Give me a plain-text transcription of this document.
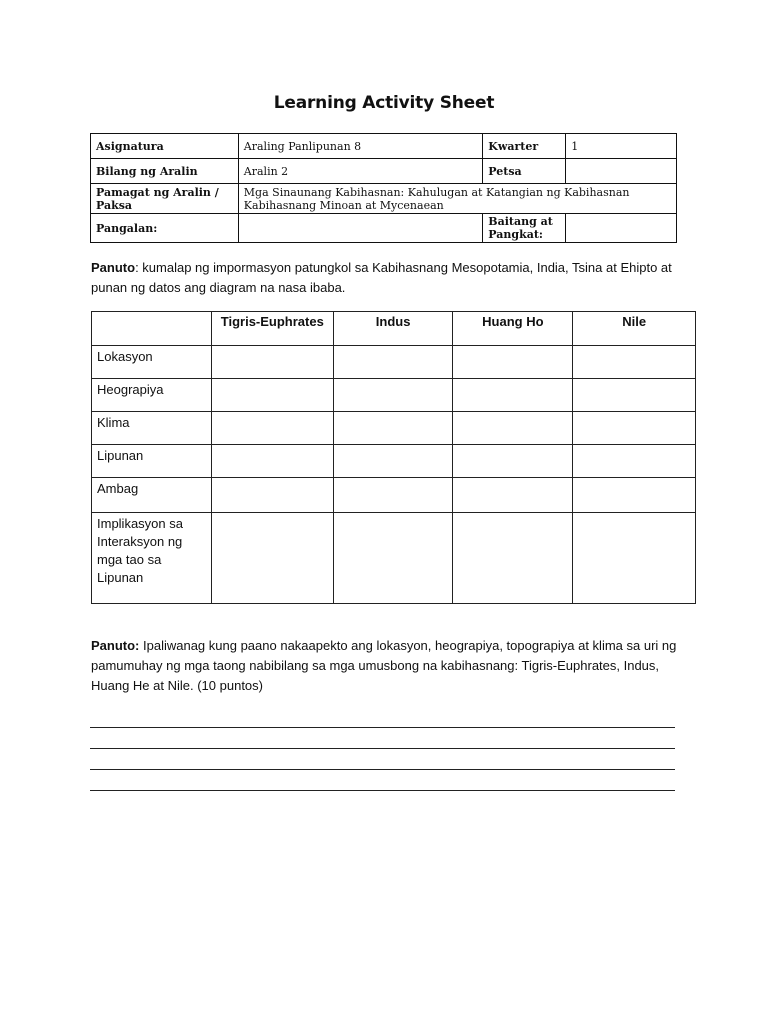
Learning Activity Sheet
Asignatura	Araling Panlipunan 8	Kwarter	1
Bilang ng Aralin	Aralin 2	Petsa	
Pamagat ng Aralin / Paksa	Mga Sinaunang Kabihasnan: Kahulugan at Katangian ng Kabihasnan Kabihasnang Minoan at Mycenaean		
Pangalan:		Baitang at Pangkat:	
Panuto: kumalap ng impormasyon patungkol sa Kabihasnang Mesopotamia, India, Tsina at Ehipto at punan ng datos ang diagram na nasa ibaba.
	Tigris-Euphrates	Indus	Huang Ho	Nile
Lokasyon				
Heograpiya				
Klima				
Lipunan				
Ambag				
Implikasyon sa Interaksyon ng mga tao sa Lipunan				
Panuto: Ipaliwanag kung paano nakaapekto ang lokasyon, heograpiya, topograpiya at klima sa uri ng pamumuhay ng mga taong nabibilang sa mga umusbong na kabihasnang: Tigris-Euphrates, Indus, Huang He at Nile. (10 puntos)
